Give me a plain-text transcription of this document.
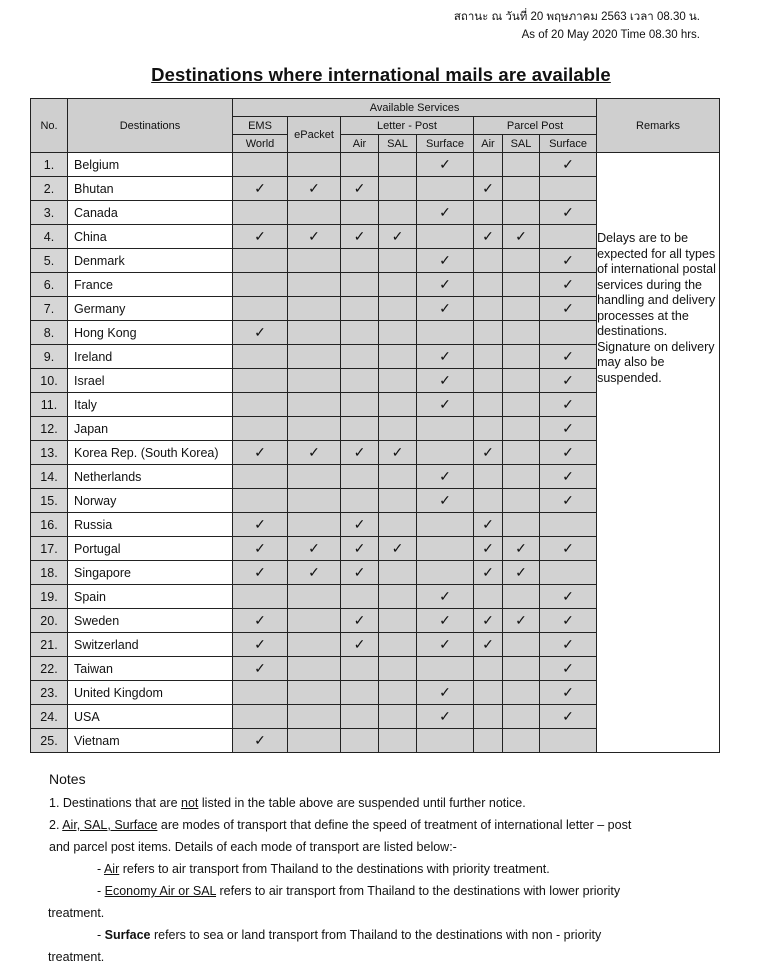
สถานะ ณ วันที่ 20 พฤษภาคม 2563 เวลา 08.30 น.
As of 20 May 2020 Time 08.30 hrs.
Destinations where international mails are available
No.	Destinations	Available Services								Remarks
		EMS	ePacket	Letter - Post			Parcel Post			
		World		Air	SAL	Surface	Air	SAL	Surface	
1.	Belgium					✓			✓	Delays are to be expected for all types of international postal services during the handling and delivery processes at the destinations. Signature on delivery may also be suspended.

2.	Bhutan	✓	✓	✓			✓			
3.	Canada					✓			✓	
4.	China	✓	✓	✓	✓		✓	✓		
5.	Denmark					✓			✓	
6.	France					✓			✓	
7.	Germany					✓			✓	
8.	Hong Kong	✓								
9.	Ireland					✓			✓	
10.	Israel					✓			✓	
11.	Italy					✓			✓	
12.	Japan								✓	
13.	Korea Rep. (South Korea)	✓	✓	✓	✓		✓		✓	
14.	Netherlands					✓			✓	
15.	Norway					✓			✓	
16.	Russia	✓		✓			✓			
17.	Portugal	✓	✓	✓	✓		✓	✓	✓	
18.	Singapore	✓	✓	✓			✓	✓		
19.	Spain					✓			✓	
20.	Sweden	✓		✓		✓	✓	✓	✓	
21.	Switzerland	✓		✓		✓	✓		✓	
22.	Taiwan	✓							✓	
23.	United Kingdom					✓			✓	
24.	USA					✓			✓	
25.	Vietnam	✓								
Notes

1. Destinations that are not listed in the table above are suspended until further notice.

2. Air, SAL, Surface are modes of transport that define the speed of treatment of international letter – post

and parcel post items. Details of each mode of transport are listed below:-

- Air refers to air transport from Thailand to the destinations with priority treatment.

- Economy Air or SAL refers to air transport from Thailand to the destinations with lower priority

treatment.

- Surface refers to sea or land transport from Thailand to the destinations with non - priority

treatment.
